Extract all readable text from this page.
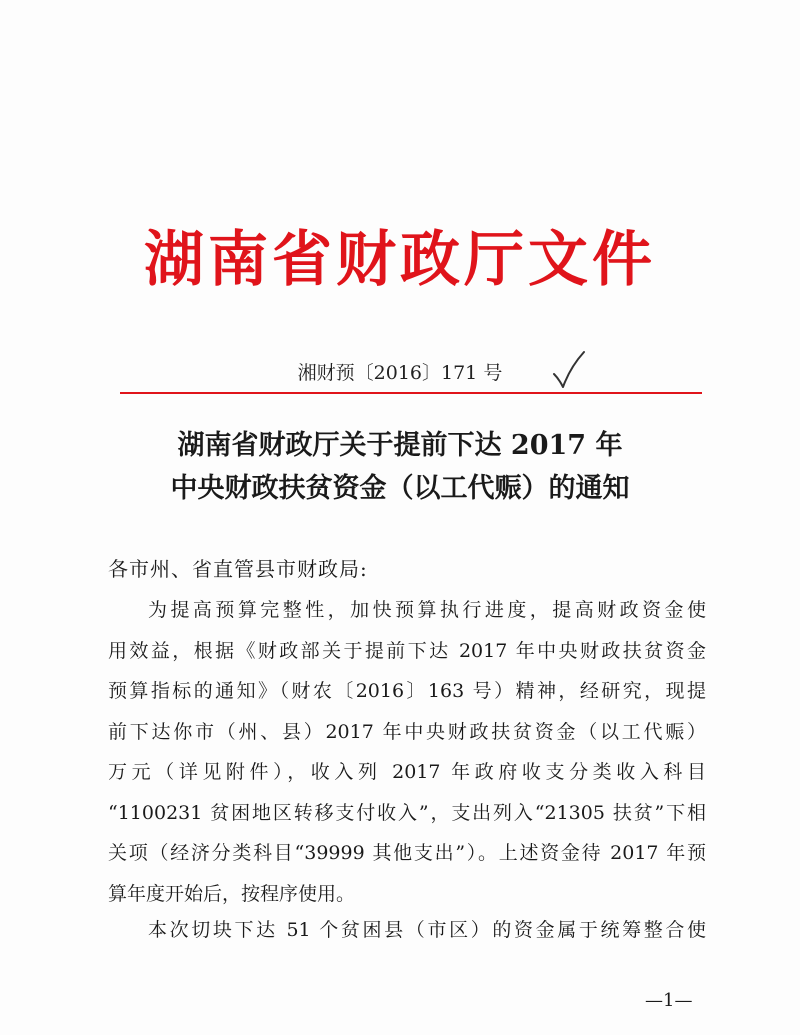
湖南省财政厅文件
湘财预〔2016〕171 号
湖南省财政厅关于提前下达 2017 年
中央财政扶贫资金（以工代赈）的通知
各市州、省直管县市财政局:
为提高预算完整性，加快预算执行进度，提高财政资金使
用效益，根据《财政部关于提前下达 2017 年中央财政扶贫资金
预算指标的通知》（财农〔2016〕163 号）精神，经研究，现提
前下达你市（州、县）2017 年中央财政扶贫资金（以工代赈）
万元（详见附件），收入列 2017 年政府收支分类收入科目
“1100231 贫困地区转移支付收入”，支出列入“21305 扶贫”下相
关项（经济分类科目“39999 其他支出”）。上述资金待 2017 年预
算年度开始后，按程序使用。
本次切块下达 51 个贫困县（市区）的资金属于统筹整合使
—1—
